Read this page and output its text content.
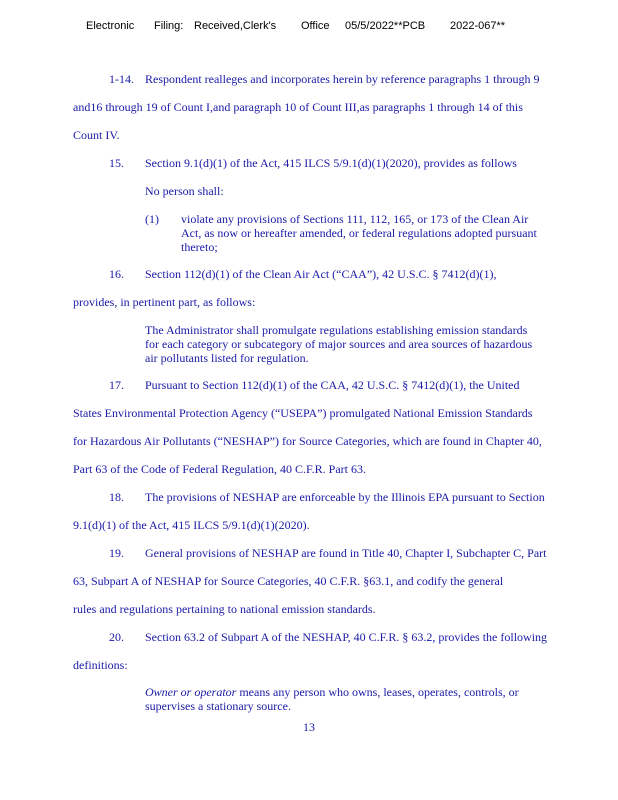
Electronic

Filing:

Received,Clerk's

Office

05/5/2022**PCB

2022-067**

1-14. Respondent realleges and incorporates herein by reference paragraphs 1 through 9
and16 through 19 of Count I,and paragraph 10 of Count III,as paragraphs 1 through 14 of this
Count IV.
15. Section 9.1(d)(1) of the Act, 415 ILCS 5/9.1(d)(1)(2020), provides as follows
No person shall:
(1) violate any provisions of Sections 111, 112, 165, or 173 of the Clean Air
Act, as now or hereafter amended, or federal regulations adopted pursuant
thereto;
16. Section 112(d)(1) of the Clean Air Act (“CAA”), 42 U.S.C. § 7412(d)(1),
provides, in pertinent part, as follows:
The Administrator shall promulgate regulations establishing emission standards
for each category or subcategory of major sources and area sources of hazardous
air pollutants listed for regulation.
17. Pursuant to Section 112(d)(1) of the CAA, 42 U.S.C. § 7412(d)(1), the United
States Environmental Protection Agency (“USEPA”) promulgated National Emission Standards
for Hazardous Air Pollutants (“NESHAP”) for Source Categories, which are found in Chapter 40,
Part 63 of the Code of Federal Regulation, 40 C.F.R. Part 63.
18. The provisions of NESHAP are enforceable by the Illinois EPA pursuant to Section
9.1(d)(1) of the Act, 415 ILCS 5/9.1(d)(1)(2020).
19. General provisions of NESHAP are found in Title 40, Chapter I, Subchapter C, Part
63, Subpart A of NESHAP for Source Categories, 40 C.F.R. §63.1, and codify the general
rules and regulations pertaining to national emission standards.
20. Section 63.2 of Subpart A of the NESHAP, 40 C.F.R. § 63.2, provides the following
definitions:
Owner or operator means any person who owns, leases, operates, controls, or
supervises a stationary source.
13
